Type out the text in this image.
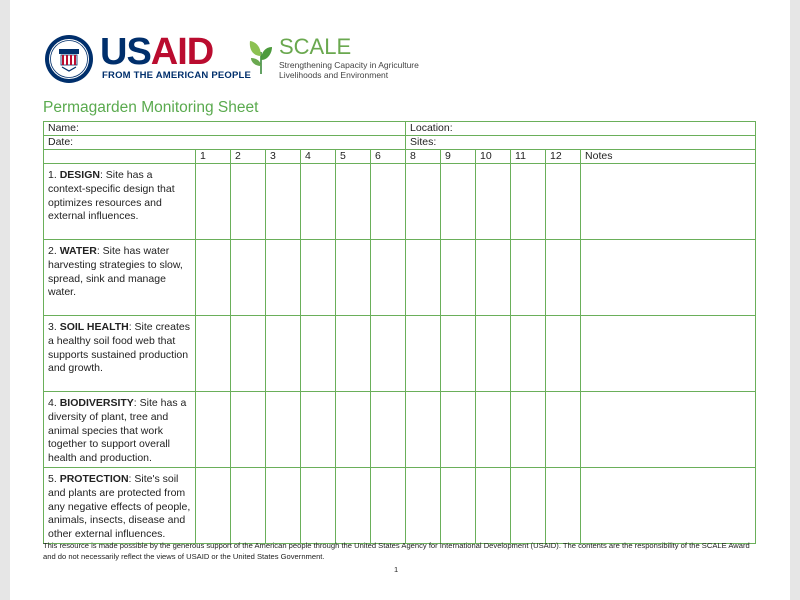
USAID
FROM THE AMERICAN PEOPLE
SCALE
Strengthening Capacity in Agriculture
Livelihoods and Environment
Permagarden Monitoring Sheet
Name:							Location:					
Date:							Sites:					
	1	2	3	4	5	6	8	9	10	11	12	Notes
1. DESIGN: Site has a context-specific design that optimizes resources and external influences.												
2. WATER: Site has water harvesting strategies to slow, spread, sink and manage water.												
3. SOIL HEALTH: Site creates a healthy soil food web that supports sustained production and growth.												
4. BIODIVERSITY: Site has a diversity of plant, tree and animal species that work together to support overall health and production.												
5. PROTECTION: Site's soil and plants are protected from any negative effects of people, animals, insects, disease and other external influences.												
This resource is made possible by the generous support of the American people through the United States Agency for International Development (USAID). The contents are the responsibility of the SCALE Award and do not necessarily reflect the views of USAID or the United States Government.
1
